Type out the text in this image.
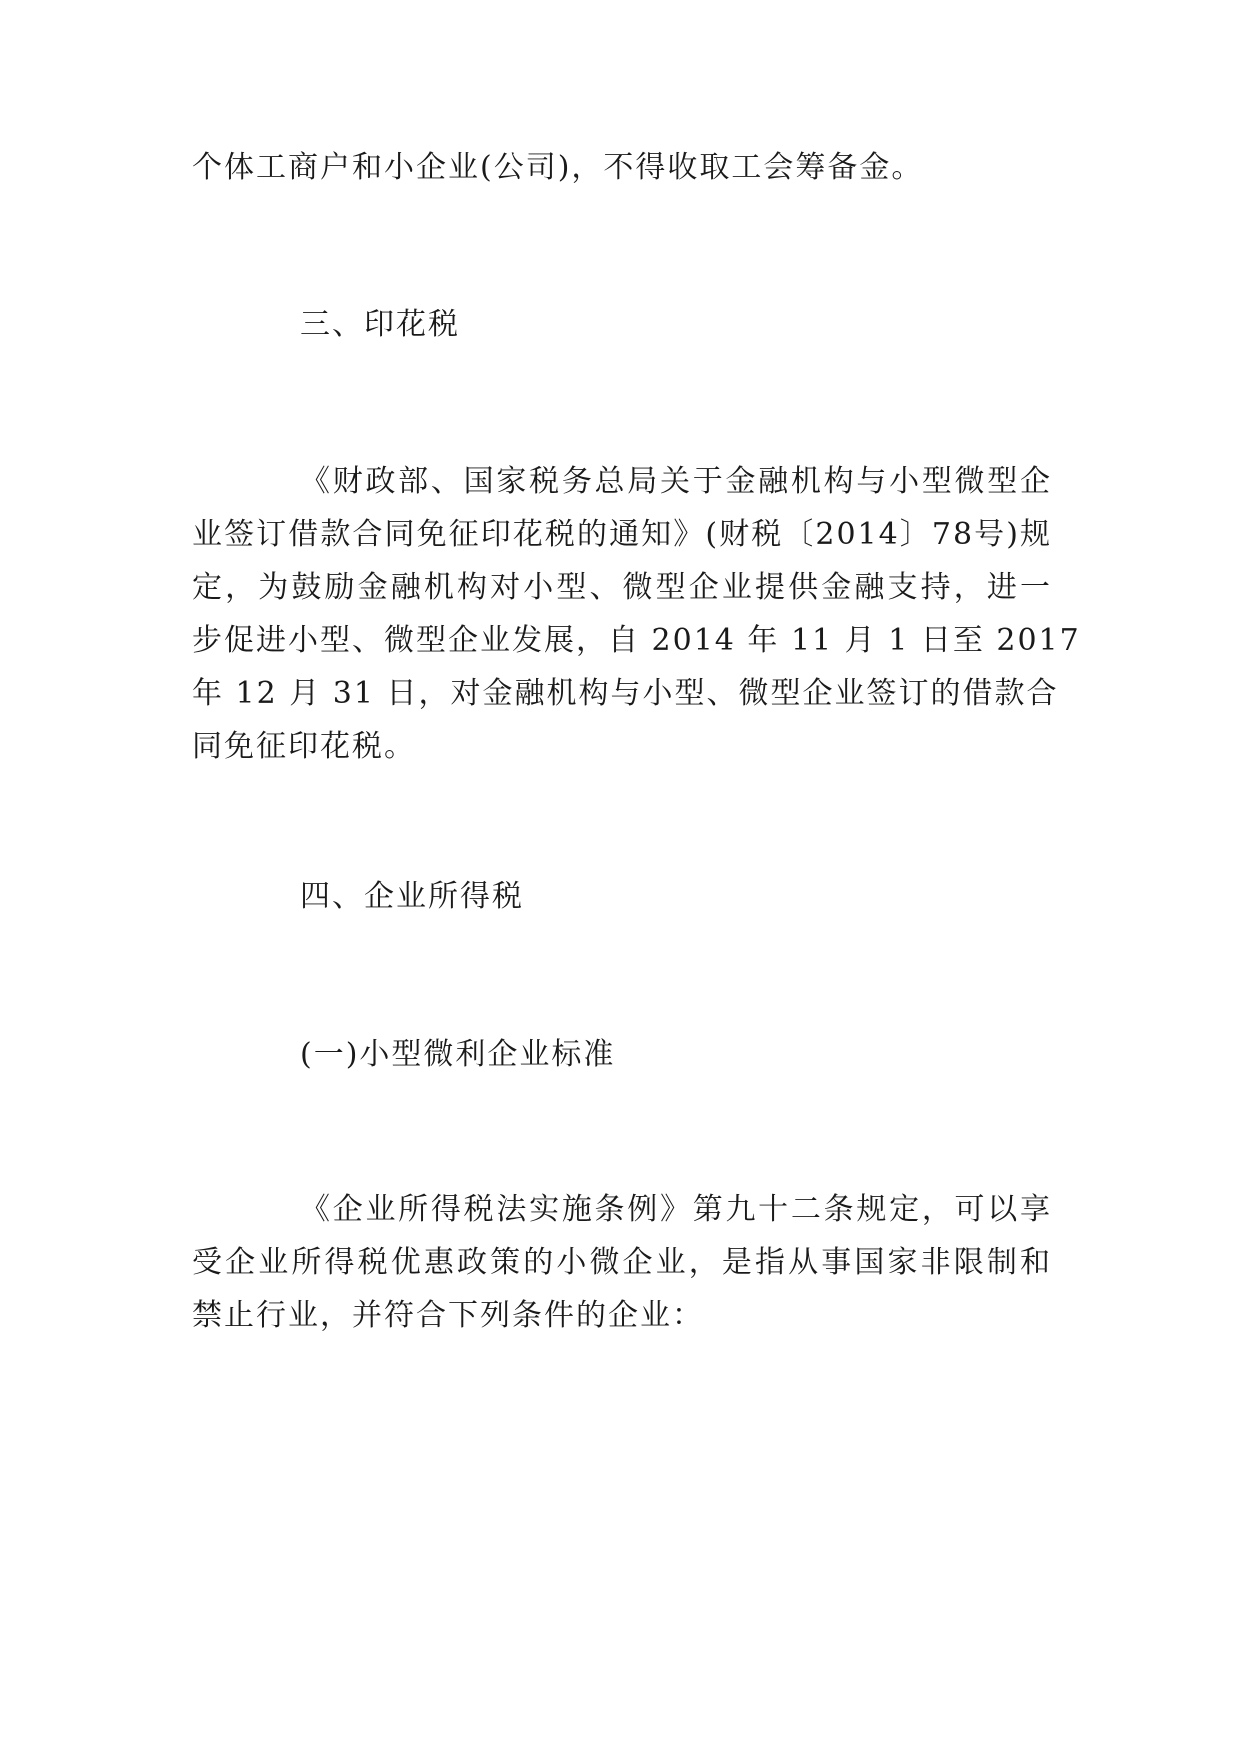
个体工商户和小企业(公司)，不得收取工会筹备金。
三、印花税
《财政部、国家税务总局关于金融机构与小型微型企
业签订借款合同免征印花税的通知》(财税〔2014〕78号)规
定，为鼓励金融机构对小型、微型企业提供金融支持，进一
步促进小型、微型企业发展，自 2014 年 11 月 1 日至 2017
年 12 月 31 日，对金融机构与小型、微型企业签订的借款合
同免征印花税。
四、企业所得税
(一)小型微利企业标准
《企业所得税法实施条例》第九十二条规定，可以享
受企业所得税优惠政策的小微企业，是指从事国家非限制和
禁止行业，并符合下列条件的企业：
